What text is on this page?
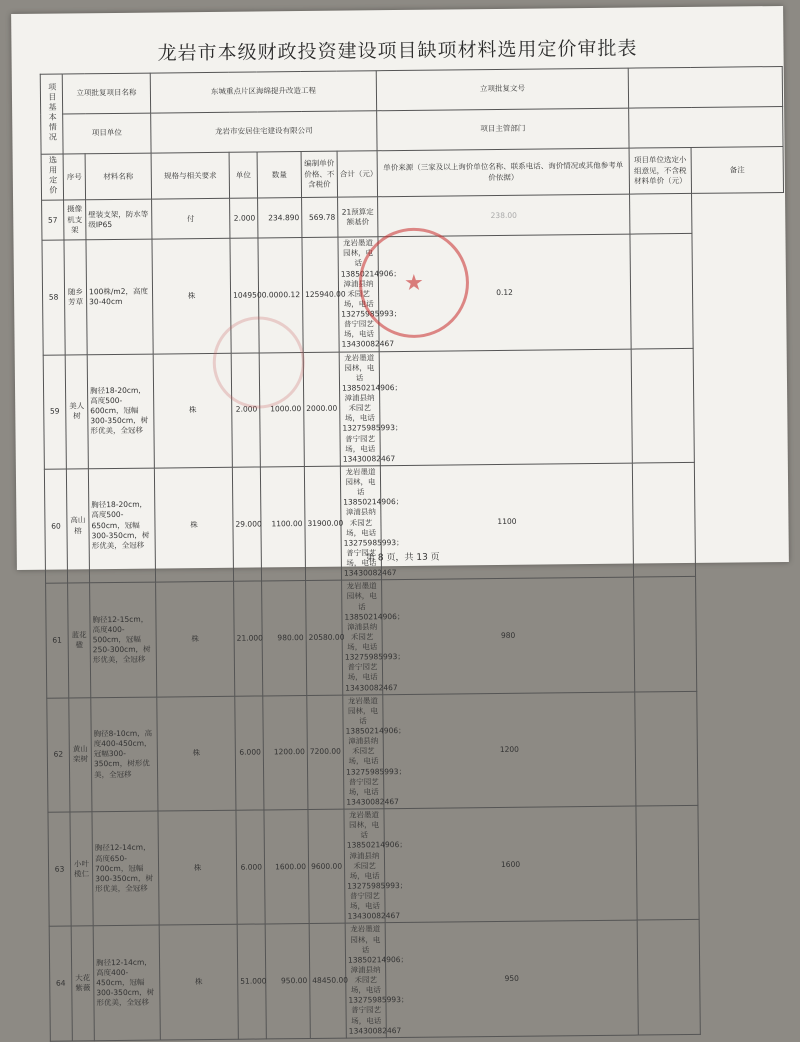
龙岩市本级财政投资建设项目缺项材料选用定价审批表
项目基本情况	立项批复项目名称		东城重点片区海绵提升改造工程					立项批复文号		
	项目单位		龙岩市安居住宅建设有限公司					项目主管部门		
选用定价	序号	材料名称	规格与相关要求	单位	数量	编制单价价格、不含税价	合计（元）	单价来源（三家及以上询价单位名称、联系电话、询价情况或其他参考单价依据）	项目单位选定小组意见，不含税材料单价（元）	备注
57	摄像机支架	壁装支架，防水等级IP65	付	2.000	234.890	569.78	21预算定额基价	238.00		
58	随乡芳草	100株/m2，高度30-40cm	株	1049500.000	0.12	125940.00	龙岩墨道园林，电话13850214906；
漳浦县纳禾园艺场，电话13275985993；
普宁园艺场，电话13430082467	0.12		
59	美人树	胸径18-20cm，高度500-600cm，冠幅300-350cm，树形优美，全冠移	株	2.000	1000.00	2000.00	龙岩墨道园林，电话13850214906；
漳浦县纳禾园艺场，电话13275985993；
普宁园艺场，电话13430082467			
60	高山榕	胸径18-20cm，高度500-650cm，冠幅300-350cm，树形优美，全冠移	株	29.000	1100.00	31900.00	龙岩墨道园林，电话13850214906；
漳浦县纳禾园艺场，电话13275985993；
普宁园艺场，电话13430082467	1100		
61	蓝花楹	胸径12-15cm，高度400-500cm，冠幅250-300cm，树形优美，全冠移	株	21.000	980.00	20580.00	龙岩墨道园林，电话13850214906；
漳浦县纳禾园艺场，电话13275985993；
普宁园艺场，电话13430082467	980		
62	黄山栾树	胸径8-10cm，高度400-450cm，冠幅300-350cm，树形优美，全冠移	株	6.000	1200.00	7200.00	龙岩墨道园林，电话13850214906；
漳浦县纳禾园艺场，电话13275985993；
普宁园艺场，电话13430082467	1200		
63	小叶榄仁	胸径12-14cm，高度650-700cm，冠幅300-350cm，树形优美，全冠移	株	6.000	1600.00	9600.00	龙岩墨道园林，电话13850214906；
漳浦县纳禾园艺场，电话13275985993；
普宁园艺场，电话13430082467	1600		
64	大花紫薇	胸径12-14cm，高度400-450cm，冠幅300-350cm，树形优美，全冠移	株	51.000	950.00	48450.00	龙岩墨道园林，电话13850214906；
漳浦县纳禾园艺场，电话13275985993；
普宁园艺场，电话13430082467	950		
★
第 8 页，共 13 页
